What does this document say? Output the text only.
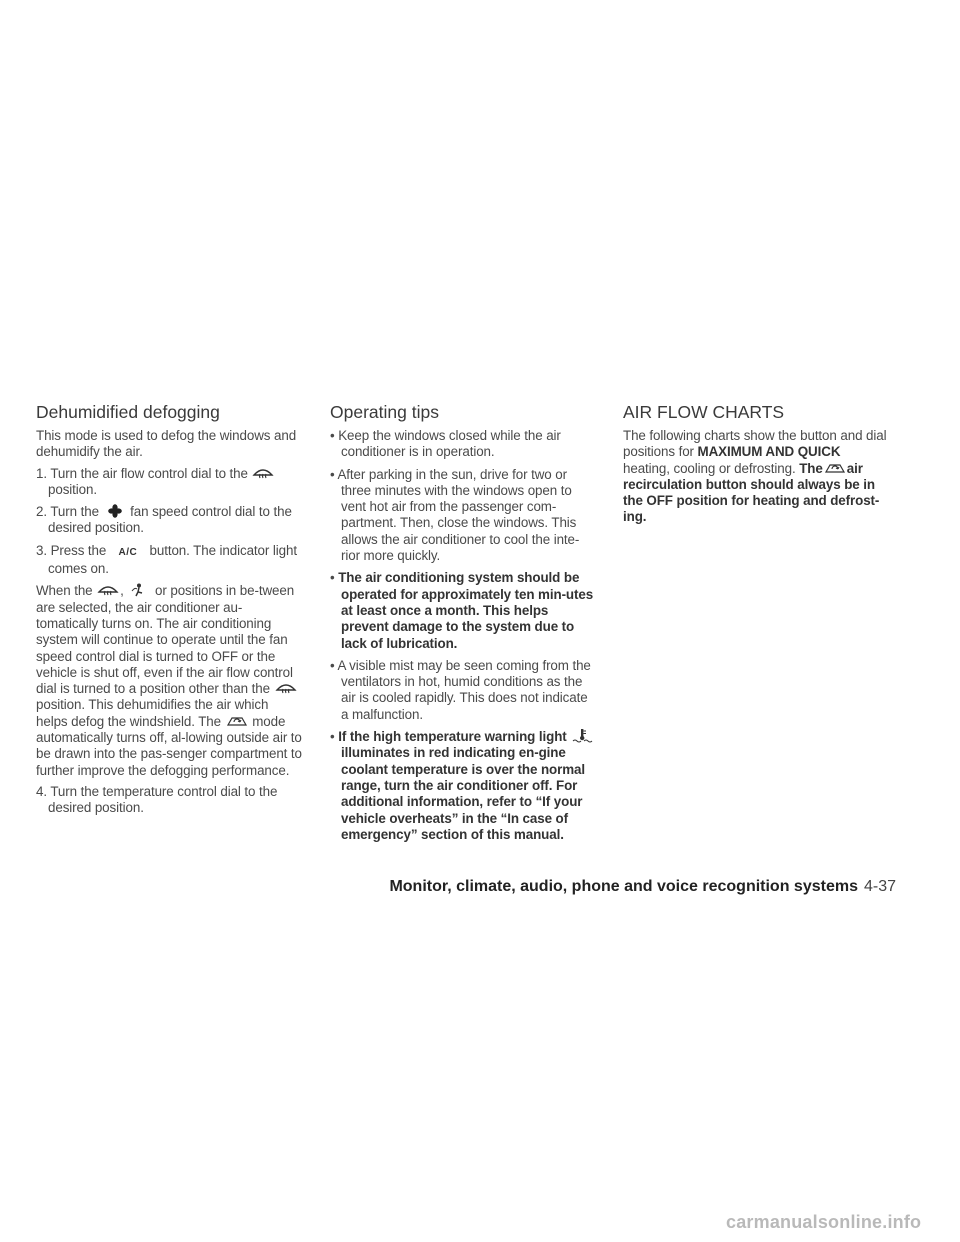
Dehumidified defogging

This mode is used to defog the windows and dehumidify the air.

1. Turn the air flow control dial to the
position.

2. Turn the fan speed control dial to the desired position.

3. Press the A/C button. The indicator light comes on.

When the , or positions in be-tween are selected, the air conditioner au-tomatically turns on. The air conditioning system will continue to operate until the fan speed control dial is turned to OFF or the vehicle is shut off, even if the air flow control dial is turned to a position other than the
position. This dehumidifies the air which helps defog the windshield. The mode automatically turns off, al-lowing outside air to be drawn into the pas-senger compartment to further improve the defogging performance.

4. Turn the temperature control dial to the desired position.

Operating tips

• Keep the windows closed while the air conditioner is in operation.

• After parking in the sun, drive for two or three minutes with the windows open to vent hot air from the passenger com-partment. Then, close the windows. This allows the air conditioner to cool the inte-rior more quickly.

• The air conditioning system should be operated for approximately ten min-utes at least once a month. This helps prevent damage to the system due to lack of lubrication.

• A visible mist may be seen coming from the ventilators in hot, humid conditions as the air is cooled rapidly. This does not indicate a malfunction.

• If the high temperature warning light
illuminates in red indicating en-gine coolant temperature is over the normal range, turn the air conditioner off. For additional information, refer to “If your vehicle overheats” in the “In case of emergency” section of this manual.

AIR FLOW CHARTS

The following charts show the button and dial positions for MAXIMUM AND QUICK heating, cooling or defrosting. The air recirculation button should always be in the OFF position for heating and defrost-ing.

Monitor, climate, audio, phone and voice recognition systems 4-37
carmanualsonline.info
